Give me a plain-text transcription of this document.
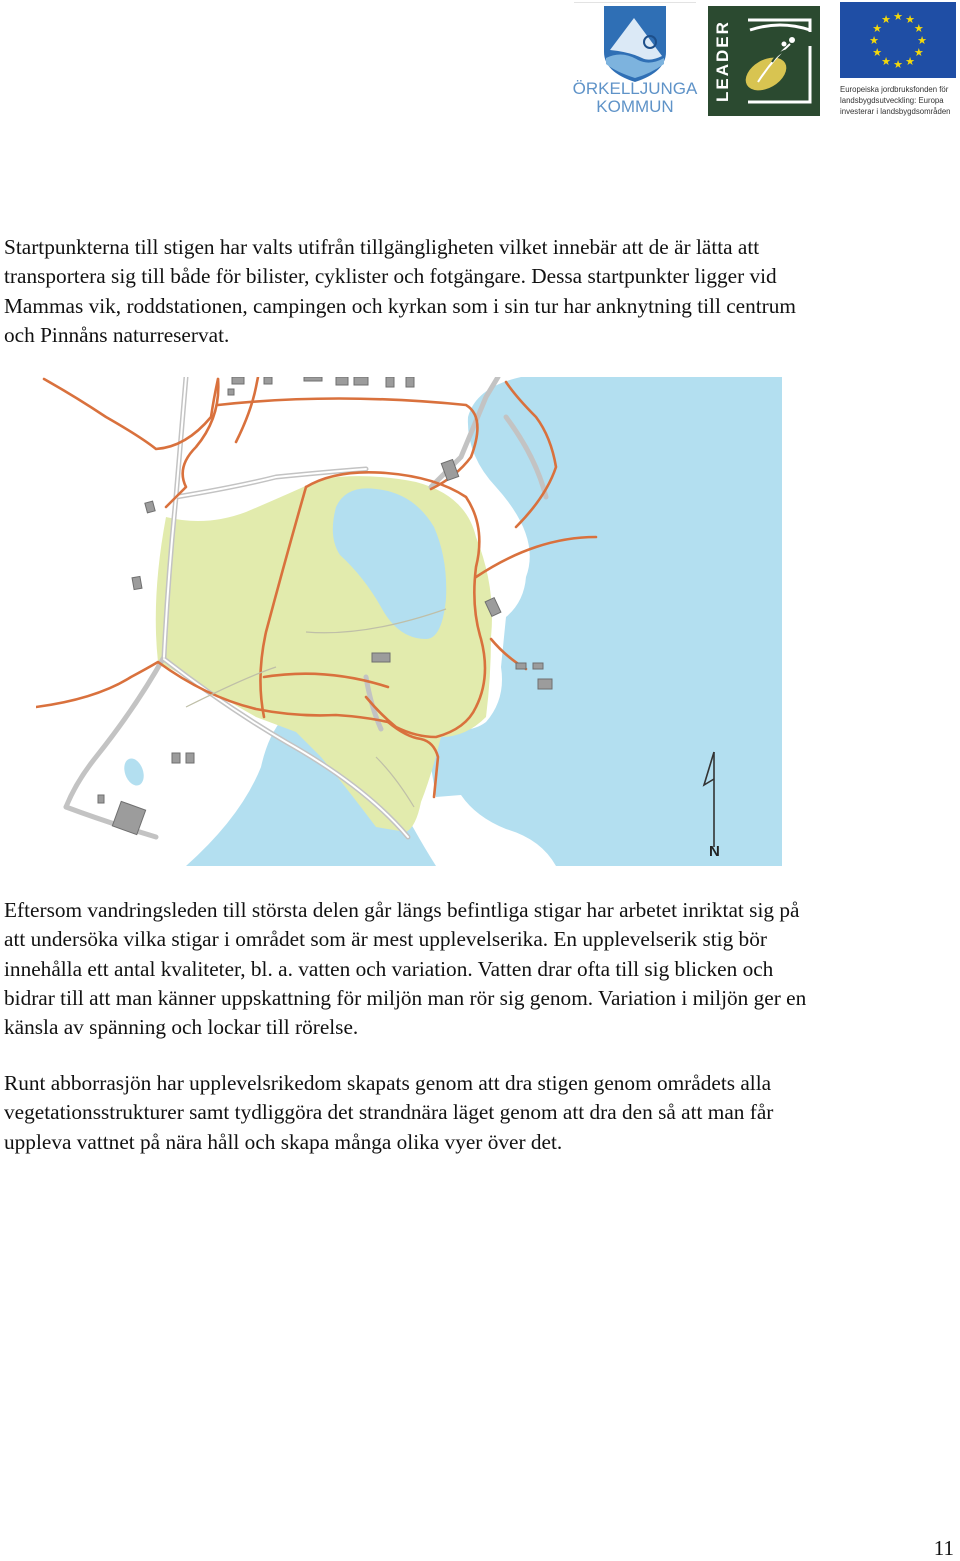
ÖRKELLJUNGA
KOMMUN
LEADER
★ ★
★
★
★
★
★
★
★
★
★
★
Europeiska jordbruksfonden för
landsbygdsutveckling: Europa
investerar i landsbygdsområden
Startpunkterna till stigen har valts utifrån tillgängligheten vilket innebär att de är lätta att
transportera sig till både för bilister, cyklister och fotgängare. Dessa startpunkter ligger vid
Mammas vik, roddstationen, campingen och kyrkan som i sin tur har anknytning till centrum
och Pinnåns naturreservat.
N
Eftersom vandringsleden till största delen går längs befintliga stigar har arbetet inriktat sig på
att undersöka vilka stigar i området som är mest upplevelserika. En upplevelserik stig bör
innehålla ett antal kvaliteter, bl. a. vatten och variation. Vatten drar ofta till sig blicken och
bidrar till att man känner uppskattning för miljön man rör sig genom. Variation i miljön ger en
känsla av spänning och lockar till rörelse.
Runt abborrasjön har upplevelsrikedom skapats genom att dra stigen genom områdets alla
vegetationsstrukturer samt tydliggöra det strandnära läget genom att dra den så att man får
uppleva vattnet på nära håll och skapa många olika vyer över det.
11
